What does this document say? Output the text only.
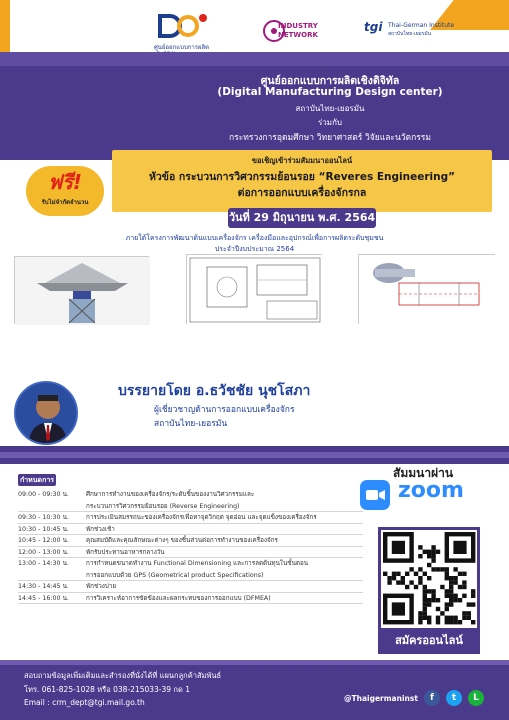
ศูนย์ออกแบบการผลิต
INDUSTRY NETWORK
tgi Thai-German Institute
สถาบันไทย-เยอรมัน
ศูนย์ออกแบบการผลิตเชิงดิจิทัล
(Digital Manufacturing Design center)
สถาบันไทย-เยอรมัน
ร่วมกับ
กระทรวงการอุดมศึกษา วิทยาศาสตร์ วิจัยและนวัตกรรม
ขอเชิญเข้าร่วมสัมมนาออนไลน์
หัวข้อ กระบวนการวิศวกรรมย้อนรอย “Reveres Engineering”
ต่อการออกแบบเครื่องจักรกล
วันที่ 29 มิถุนายน พ.ศ. 2564
ฟรี!
รับไม่จำกัดจำนวน
ภายใต้โครงการพัฒนาต้นแบบเครื่องจักร เครื่องมือและอุปกรณ์เพื่อการผลิตระดับชุมชน
ประจำปีงบประมาณ 2564
บรรยายโดย อ.ธวัชชัย นุชโสภา
ผู้เชี่ยวชาญด้านการออกแบบเครื่องจักร
สถาบันไทย-เยอรมัน
กำหนดการ
09:00 - 09:30 น.	ศึกษาการทำงานของเครื่องจักร/ระดับชิ้นของงานวิศวกรรมและ
กระบวนการวิศวกรรมย้อนรอย (Reverse Engineering)
09:30 - 10:30 น.	การประเมินสมรรถนะของเครื่องจักรเพื่อหาจุดวิกฤต จุดอ่อน และจุดแข็งของเครื่องจักร
10:30 - 10:45 น.	พักช่วงเช้า
10:45 - 12:00 น.	คุณสมบัติและคุณลักษณะต่างๆ ของชิ้นส่วนต่อการทำงานของเครื่องจักร
12:00 - 13:00 น.	พักรับประทานอาหารกลางวัน
13:00 - 14:30 น.	การกำหนดขนาดทำงาน Functional Dimensioning และการลดต้นทุนในขั้นตอน
การออกแบบด้วย GPS (Geometrical product Specifications)
14:30 - 14:45 น.	พักช่วงบ่าย
14:45 - 16:00 น.	การวิเคราะห์อาการขัดข้องและผลกระทบของการออกแบบ (DFMEA)
สัมมนาผ่าน
zoom
สมัครออนไลน์
สอบถามข้อมูลเพิ่มเติมและสำรองที่นั่งได้ที่ แผนกลูกค้าสัมพันธ์
โทร. 061-825-1028 หรือ 038-215033-39 กด 1
Email : crm_dept@tgi.mail.go.th	@Thaigermaninst	f	t	L
